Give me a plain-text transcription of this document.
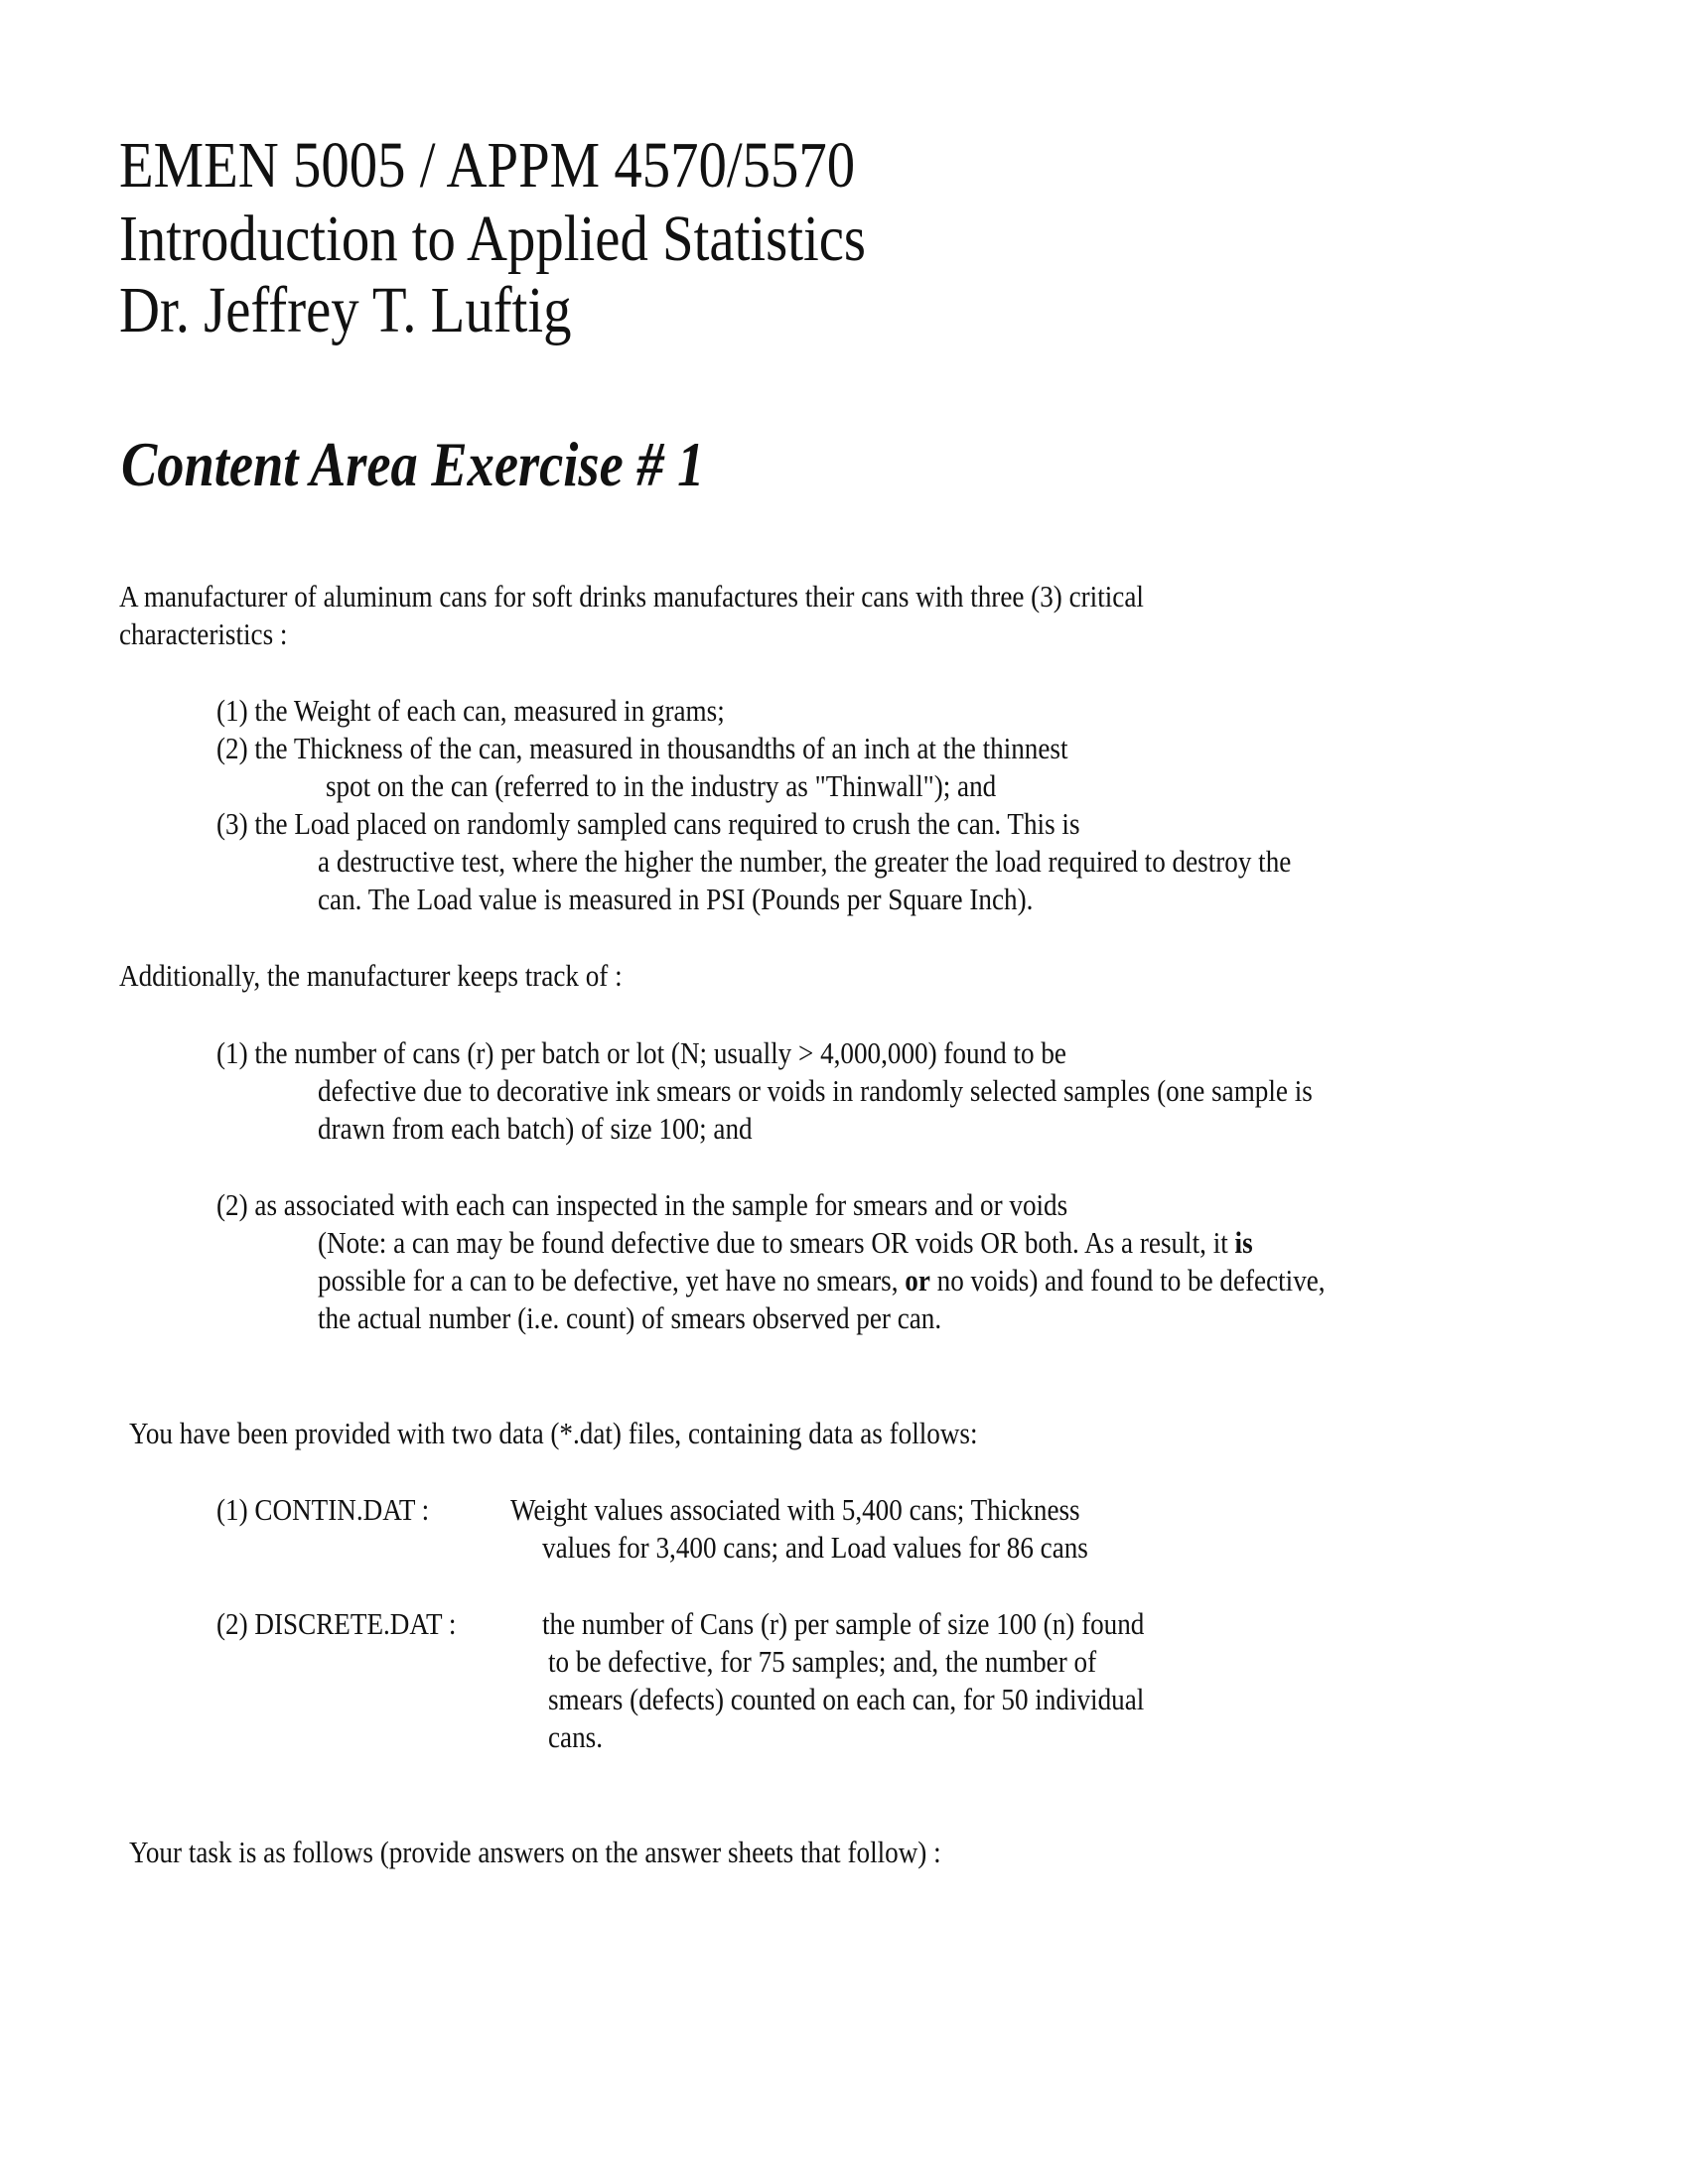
EMEN 5005 / APPM 4570/5570
Introduction to Applied Statistics
Dr. Jeffrey T. Luftig
Content Area Exercise # 1
A manufacturer of aluminum cans for soft drinks manufactures their cans with three (3) critical
characteristics :
(1) the Weight of each can, measured in grams;
(2) the Thickness of the can, measured in thousandths of an inch at the thinnest
spot on the can (referred to in the industry as "Thinwall"); and
(3) the Load placed on randomly sampled cans required to crush the can. This is
a destructive test, where the higher the number, the greater the load required to destroy the
can. The Load value is measured in PSI (Pounds per Square Inch).
Additionally, the manufacturer keeps track of :
(1) the number of cans (r) per batch or lot (N; usually > 4,000,000) found to be
defective due to decorative ink smears or voids in randomly selected samples (one sample is
drawn from each batch) of size 100; and
(2) as associated with each can inspected in the sample for smears and or voids
(Note: a can may be found defective due to smears OR voids OR both. As a result, it is
possible for a can to be defective, yet have no smears, or no voids) and found to be defective,
the actual number (i.e. count) of smears observed per can.
You have been provided with two data (*.dat) files, containing data as follows:
(1) CONTIN.DAT :	Weight values associated with 5,400 cans; Thickness
values for 3,400 cans; and Load values for 86 cans
(2) DISCRETE.DAT :	the number of Cans (r) per sample of size 100 (n) found
to be defective, for 75 samples; and, the number of
smears (defects) counted on each can, for 50 individual
cans.
Your task is as follows (provide answers on the answer sheets that follow) :
